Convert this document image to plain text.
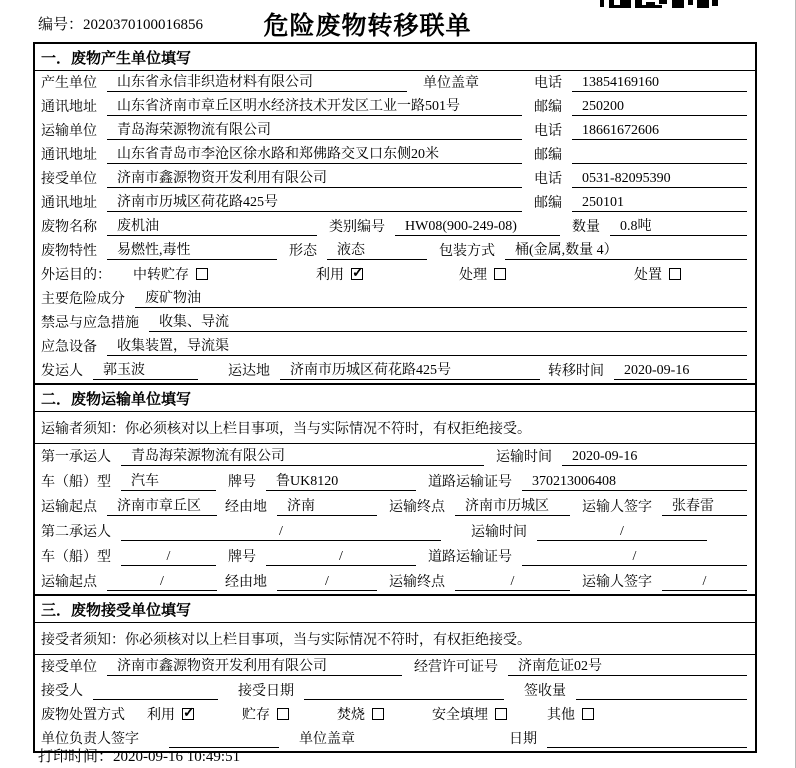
编号：2020370100016856	危险废物转移联单
一．废物产生单位填写
产生单位	山东省永信非织造材料有限公司	单位盖章	电话	13854169160
通讯地址	山东省济南市章丘区明水经济技术开发区工业一路501号	邮编	250200
运输单位	青岛海荣源物流有限公司	电话	18661672606
通讯地址	山东省青岛市李沧区徐水路和郑佛路交叉口东侧20米	邮编
接受单位	济南市鑫源物资开发利用有限公司	电话	0531-82095390
通讯地址	济南市历城区荷花路425号	邮编	250101
废物名称	废机油	类别编号	HW08(900-249-08)	数量	0.8吨
废物特性	易燃性,毒性	形态	液态	包装方式	桶(金属,数量 4）
外运目的： 中转贮存	利用 ✓	处理	处置
主要危险成分	废矿物油
禁忌与应急措施	收集、导流
应急设备	收集装置，导流渠
发运人	郭玉波	运达地	济南市历城区荷花路425号	转移时间	2020-09-16
二．废物运输单位填写
运输者须知：你必须核对以上栏目事项，当与实际情况不符时，有权拒绝接受。
第一承运人	青岛海荣源物流有限公司	运输时间	2020-09-16
车（船）型	汽车	牌号	鲁UK8120	道路运输证号	370213006408
运输起点	济南市章丘区	经由地	济南	运输终点	济南市历城区	运输人签字	张春雷
第二承运人	/	运输时间	/
车（船）型	/	牌号	/	道路运输证号	/
运输起点	/	经由地	/	运输终点	/	运输人签字	/
三．废物接受单位填写
接受者须知：你必须核对以上栏目事项，当与实际情况不符时，有权拒绝接受。
接受单位	济南市鑫源物资开发利用有限公司	经营许可证号	济南危证02号
接受人	接受日期	签收量
废物处置方式 利用 ✓	贮存	焚烧	安全填埋	其他
单位负责人签字	单位盖章	日期
打印时间：2020-09-16 10:49:51
